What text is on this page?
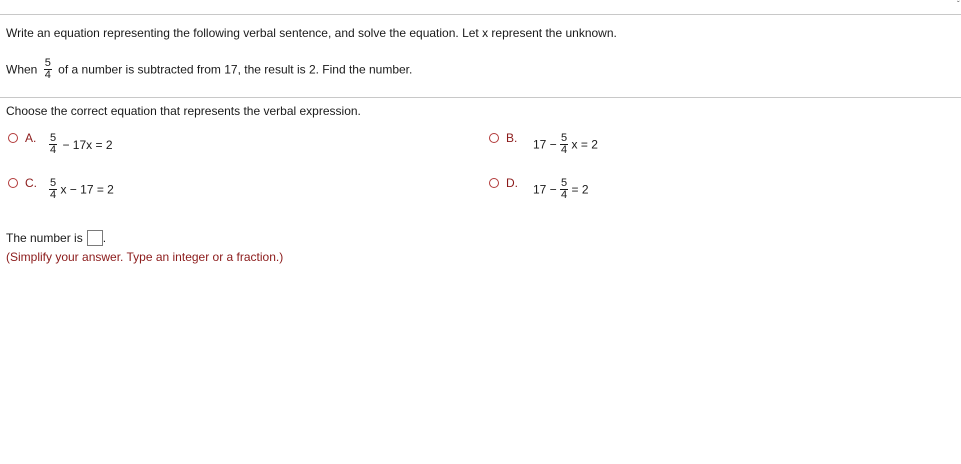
ˇ
Write an equation representing the following verbal sentence, and solve the equation. Let x represent the unknown.
When $\frac{5}{4}$ of a number is subtracted from 17, the result is 2. Find the number.
Choose the correct equation that represents the verbal expression.
A. $\frac{5}{4} - 17x = 2$	B. $17 - \frac{5}{4}$ x = 2
C. $\frac{5}{4}$ x − 17 = 2	D. $17 - \frac{5}{4} = 2$
The number is .
(Simplify your answer. Type an integer or a fraction.)
